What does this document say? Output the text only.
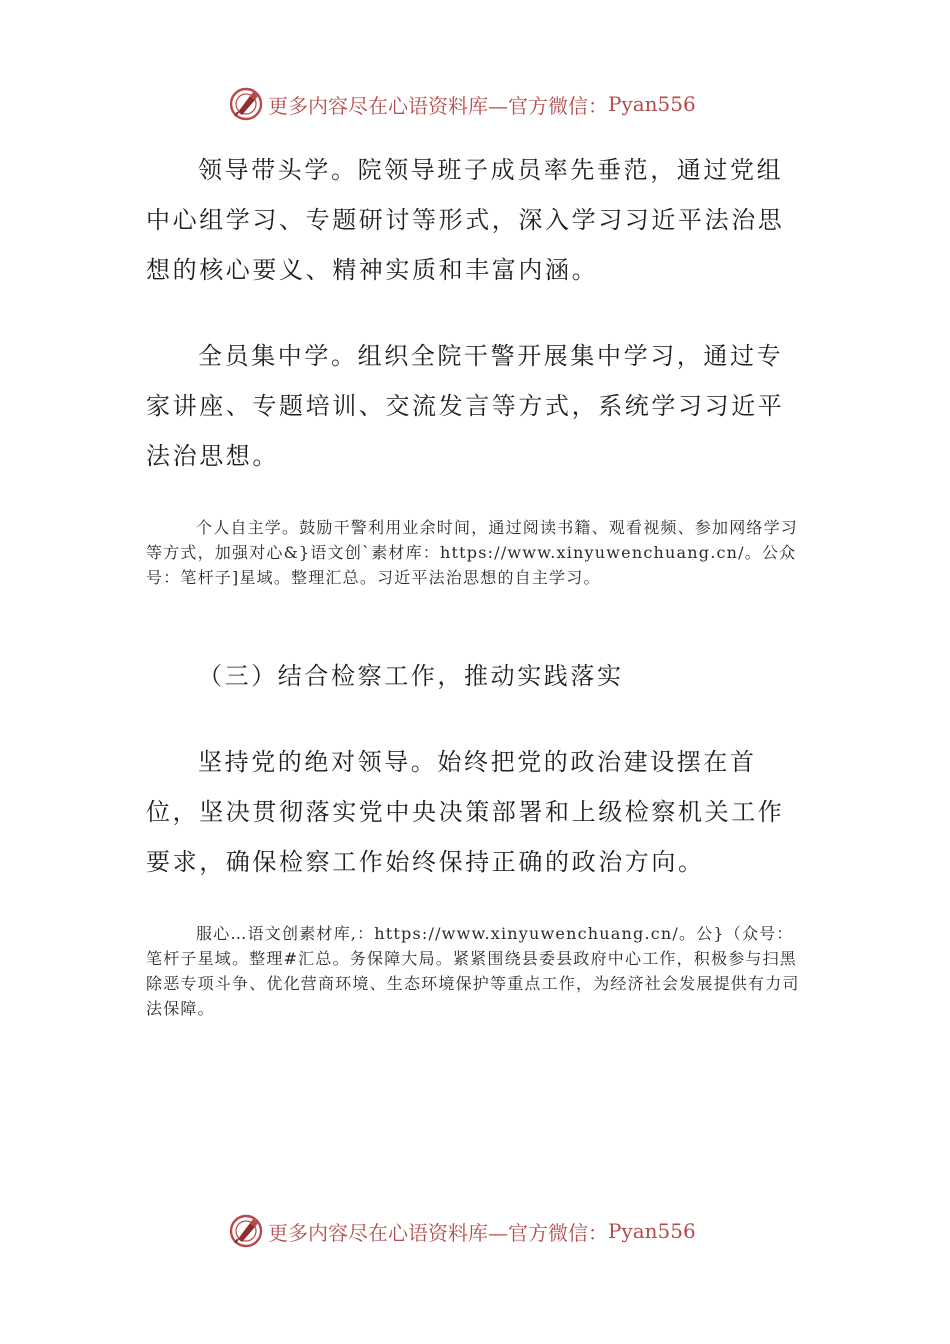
更多内容尽在心语资料库—官方微信： Pyan556

领导带头学。院领导班子成员率先垂范，通过党组中心组学习、专题研讨等形式，深入学习习近平法治思想的核心要义、精神实质和丰富内涵。

全员集中学。组织全院干警开展集中学习，通过专家讲座、专题培训、交流发言等方式，系统学习习近平法治思想。

个人自主学。鼓励干警利用业余时间，通过阅读书籍、观看视频、参加网络学习等方式，加强对心&}语文创`素材库：https://www.xinyuwenchuang.cn/。公众号：笔杆子]星域。整理汇总。习近平法治思想的自主学习。

（三）结合检察工作，推动实践落实

坚持党的绝对领导。始终把党的政治建设摆在首位，坚决贯彻落实党中央决策部署和上级检察机关工作要求，确保检察工作始终保持正确的政治方向。

服心…语文创素材库,：https://www.xinyuwenchuang.cn/。公}（众号：笔杆子星域。整理#汇总。务保障大局。紧紧围绕县委县政府中心工作，积极参与扫黑除恶专项斗争、优化营商环境、生态环境保护等重点工作，为经济社会发展提供有力司法保障。

更多内容尽在心语资料库—官方微信： Pyan556
